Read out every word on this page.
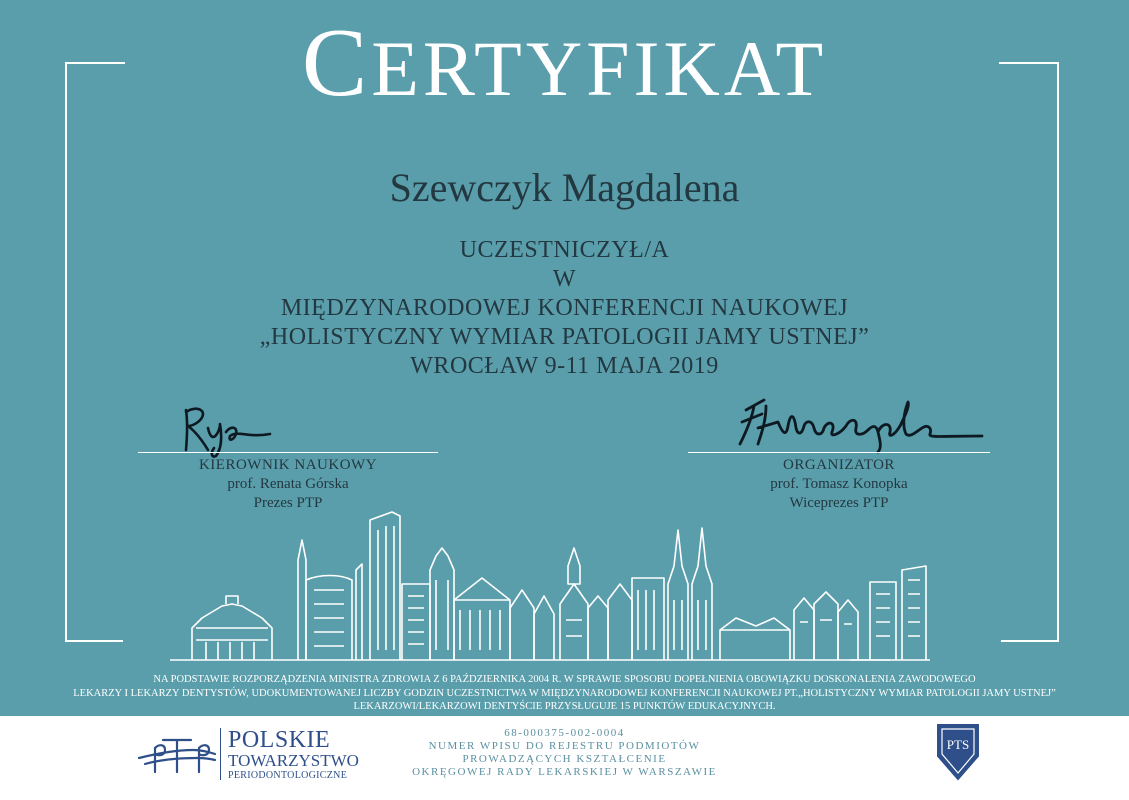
CERTYFIKAT
Szewczyk Magdalena
UCZESTNICZYŁ/A
W
MIĘDZYNARODOWEJ KONFERENCJI NAUKOWEJ
„HOLISTYCZNY WYMIAR PATOLOGII JAMY USTNEJ”
WROCŁAW 9-11 MAJA 2019
KIEROWNIK NAUKOWY
prof. Renata Górska
Prezes PTP
ORGANIZATOR
prof. Tomasz Konopka
Wiceprezes PTP
NA PODSTAWIE ROZPORZĄDZENIA MINISTRA ZDROWIA Z 6 PAŹDZIERNIKA 2004 R. W SPRAWIE SPOSOBU DOPEŁNIENIA OBOWIĄZKU DOSKONALENIA ZAWODOWEGO
LEKARZY I LEKARZY DENTYSTÓW, UDOKUMENTOWANEJ LICZBY GODZIN UCZESTNICTWA W MIĘDZYNARODOWEJ KONFERENCJI NAUKOWEJ PT.„HOLISTYCZNY WYMIAR PATOLOGII JAMY USTNEJ”
LEKARZOWI/LEKARZOWI DENTYŚCIE PRZYSŁUGUJE 15 PUNKTÓW EDUKACYJNYCH.
POLSKIE
TOWARZYSTWO
PERIODONTOLOGICZNE
68-000375-002-0004
NUMER WPISU DO REJESTRU PODMIOTÓW
PROWADZĄCYCH KSZTAŁCENIE
OKRĘGOWEJ RADY LEKARSKIEJ W WARSZAWIE
PTS
